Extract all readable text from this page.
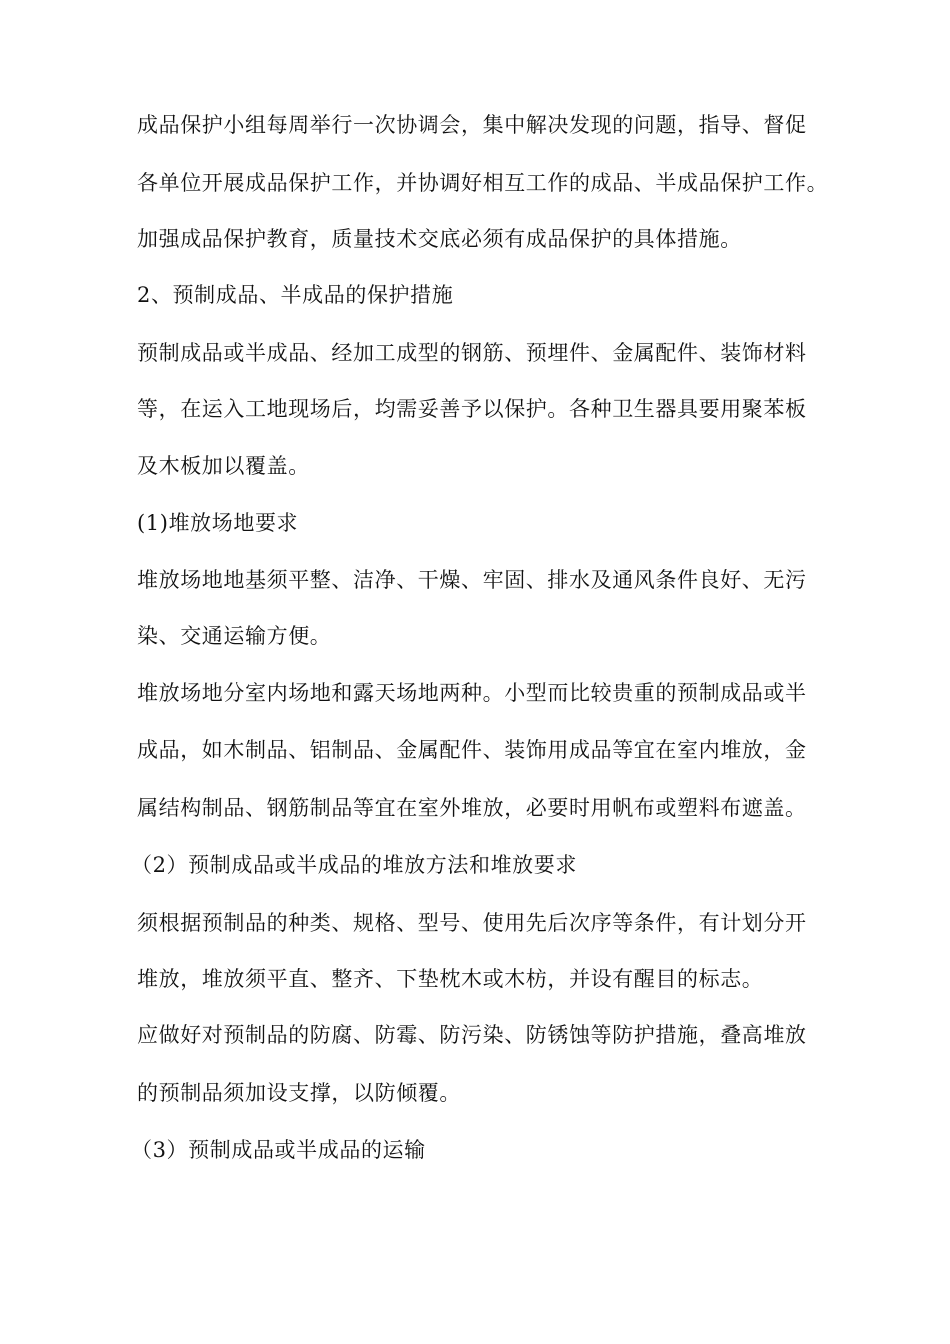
成品保护小组每周举行一次协调会，集中解决发现的问题，指导、督促
各单位开展成品保护工作，并协调好相互工作的成品、半成品保护工作。
加强成品保护教育，质量技术交底必须有成品保护的具体措施。
2、预制成品、半成品的保护措施
预制成品或半成品、经加工成型的钢筋、预埋件、金属配件、装饰材料
等，在运入工地现场后，均需妥善予以保护。各种卫生器具要用聚苯板
及木板加以覆盖。
(1)堆放场地要求
堆放场地地基须平整、洁净、干燥、牢固、排水及通风条件良好、无污
染、交通运输方便。
堆放场地分室内场地和露天场地两种。小型而比较贵重的预制成品或半
成品，如木制品、铝制品、金属配件、装饰用成品等宜在室内堆放，金
属结构制品、钢筋制品等宜在室外堆放，必要时用帆布或塑料布遮盖。
（2）预制成品或半成品的堆放方法和堆放要求
须根据预制品的种类、规格、型号、使用先后次序等条件，有计划分开
堆放，堆放须平直、整齐、下垫枕木或木枋，并设有醒目的标志。
应做好对预制品的防腐、防霉、防污染、防锈蚀等防护措施，叠高堆放
的预制品须加设支撑，以防倾覆。
（3）预制成品或半成品的运输
